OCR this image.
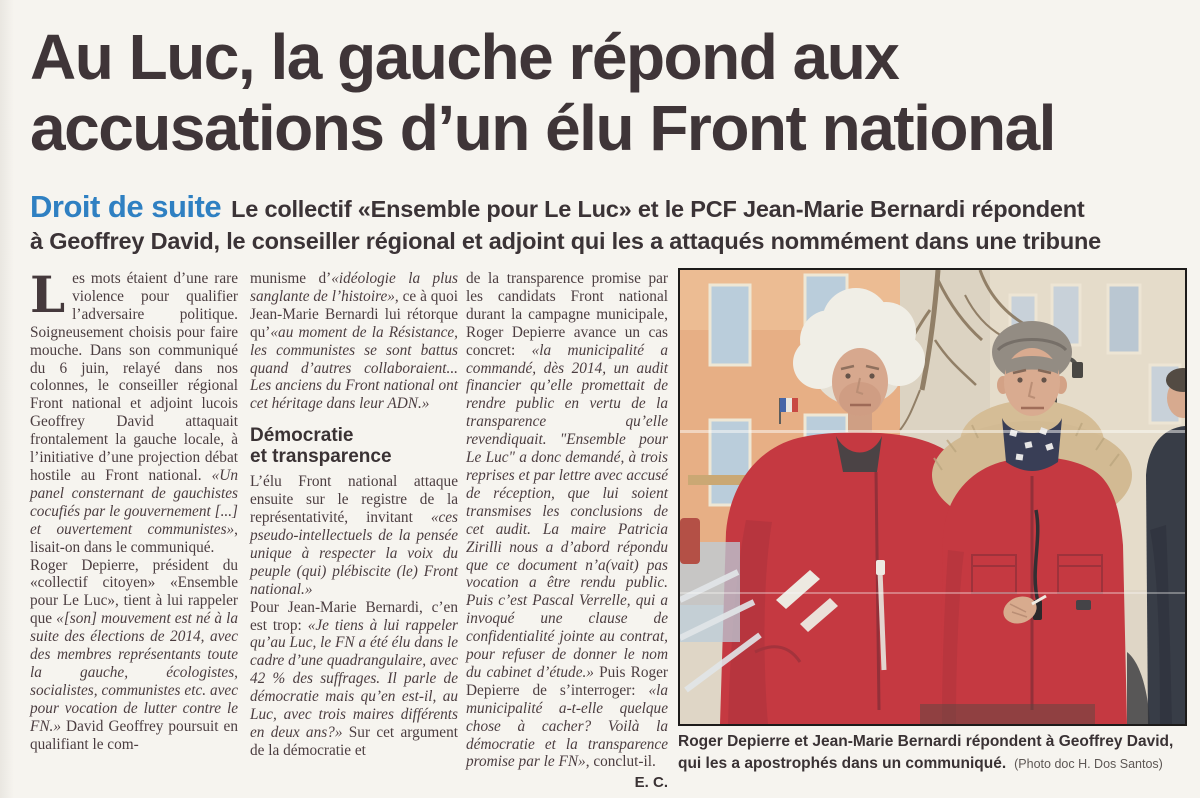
Au Luc, la gauche répond aux
accusations d’un élu Front national
Droit de suite Le collectif «Ensemble pour Le Luc» et le PCF Jean-Marie Bernardi répondent
à Geoffrey David, le conseiller régional et adjoint qui les a attaqués nommément dans une tribune

Les mots étaient d’une rare violence pour qualifier l’adversaire politique. Soigneusement choisis pour faire mouche. Dans son communiqué du 6 juin, relayé dans nos colonnes, le conseiller régional Front national et adjoint lucois Geoffrey David attaquait frontalement la gauche locale, à l’initiative d’une projection débat hostile au Front national. «Un panel consternant de gauchistes cocufiés par le gouvernement [...] et ouvertement communistes», lisait-on dans le communiqué.

Roger Depierre, président du «collectif citoyen» «Ensemble pour Le Luc», tient à lui rappeler que «[son] mouvement est né à la suite des élections de 2014, avec des membres représentants toute la gauche, écologistes, socialistes, communistes etc. avec pour vocation de lutter contre le FN.» David Geoffrey poursuit en qualifiant le com-

munisme d’«idéologie la plus sanglante de l’histoire», ce à quoi Jean-Marie Bernardi lui rétorque qu’«au moment de la Résistance, les communistes se sont battus quand d’autres collaboraient... Les anciens du Front national ont cet héritage dans leur ADN.»

Démocratie
et transparence

L’élu Front national attaque ensuite sur le registre de la représentativité, invitant «ces pseudo-intellectuels de la pensée unique à respecter la voix du peuple (qui) plébiscite (le) Front national.»

Pour Jean-Marie Bernardi, c’en est trop: «Je tiens à lui rappeler qu’au Luc, le FN a été élu dans le cadre d’une quadrangulaire, avec 42 % des suffrages. Il parle de démocratie mais qu’en est-il, au Luc, avec trois maires différents en deux ans?» Sur cet argument de la démocratie et

de la transparence promise par les candidats Front national durant la campagne municipale, Roger Depierre avance un cas concret: «la municipalité a commandé, dès 2014, un audit financier qu’elle promettait de rendre public en vertu de la transparence qu’elle revendiquait. "Ensemble pour Le Luc" a donc demandé, à trois reprises et par lettre avec accusé de réception, que lui soient transmises les conclusions de cet audit. La maire Patricia Zirilli nous a d’abord répondu que ce document n’a(vait) pas vocation a être rendu public. Puis c’est Pascal Verrelle, qui a invoqué une clause de confidentialité jointe au contrat, pour refuser de donner le nom du cabinet d’étude.» Puis Roger Depierre de s’interroger: «la municipalité a-t-elle quelque chose à cacher? Voilà la démocratie et la transparence promise par le FN», conclut-il.

E. C.
Roger Depierre et Jean-Marie Bernardi répondent à Geoffrey David,
qui les a apostrophés dans un communiqué. (Photo doc H. Dos Santos)
